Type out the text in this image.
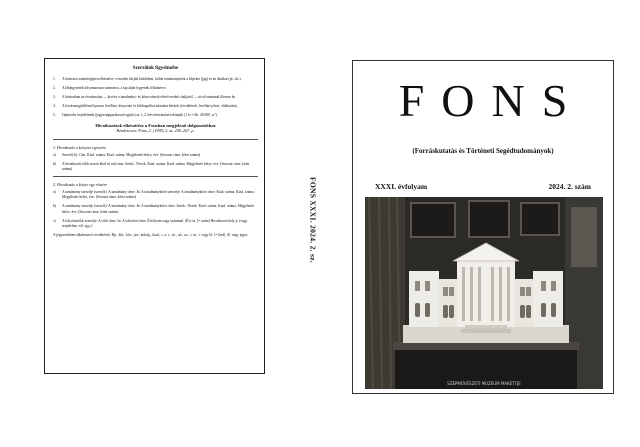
Szerzőink figyelmébe
1. A kéziratot számítógépen elkészítve, e-mailen kérjük beküldeni, külön tanulmányként a képeket (jpg) és an ábrákat (pl. xls.).
2. A lábjegyzetek folyamatosan számozva, a lap alján legyenek feltüntetve.
3. A kéziratban az évszámokat — kivéve a tanulmány- és könyvcímek eltérő eredeti alakjáról — rövid számmal illessze be.
4. A forrásmegjelölésnél pontos levéltári, könyvtári és bibliográfiai adatokat kérünk (rövidítések, levéltári jelzet, oldalszám).
5. Optimális terjedelmük (jegyzetapparátussal együtt) az 1–2 íves kéziratokat tekintjük (1 ív = kb. 40 000 „n”).
Hivatkozások elkészítése a Fonsban megjelenő dolgozatokhoz
Részletesen: Fons, 2. (1995) 2. sz. 259–267. p.
1. Hivatkozás a könyvre egészére
a) Szerző(-k): Cím. Kiad. száma. Kiad. száma. Megjelenés helye, éve. (Sorozat címe, kötet száma)
b) A hivatkozott több szerző által írt mű címe. Szerk.: Nevek. Kiad. száma. Kiad. száma. Megjelenés helye, éve. (Sorozat címe, kötet száma)
2. Hivatkozás a könyv egy részére
a) A tanulmány szerzője (szerzői): A tanulmány címe. In: A tanulmánykötet szerzője: A tanulmánykötet címe. Kiad. száma. Kiad. száma. Megjelenés helye, éve. (Sorozat címe, kötet száma)
b) A tanulmány szerzője (szerzői): A tanulmány címe. In: A tanulmánykötet címe. Szerk.: Nevek. Kiad. száma. Kiad. száma. Megjelenés helye, éve. (Sorozat címe, kötet száma)
c) A folyóiratcikk szerzője: A cikk címe. In: A folyóirat címe, Évfolyam vagy számmal. (Év) sz. [= szám] Hivatkozott hely p. (vagy terjedelem -tól–ig p.)
A jegyzetekben alkalmazott rövidítések: Bp., kiír., köv., jav., átdolg., kiad., s. a. r., vö., uő., uo., i. m., i. vagy ld. [= lásd], ill. vagy jegyz.	FONS XXXI. 2024. 2. sz.
FONS
(Forráskutatás és Történeti Segédtudományok)
XXXI. évfolyam	2024. 2. szám
SZÉPMŰVÉSZETI MÚZEUM MAKETTJE
